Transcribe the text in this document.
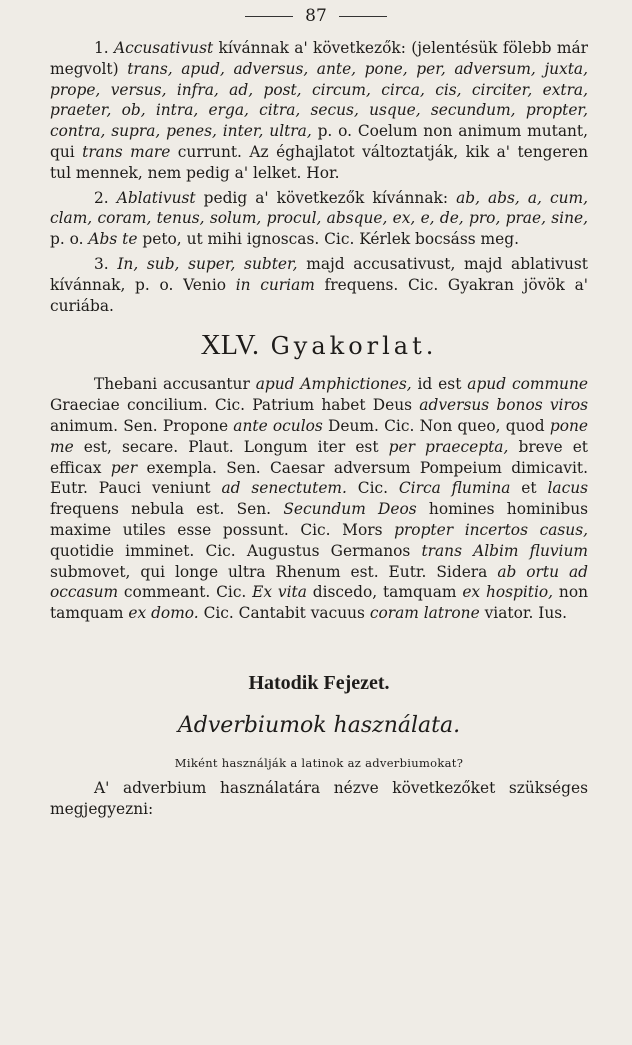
87

1. Accusativust kívánnak a' következők: (jelentésük fölebb már megvolt) trans, apud, adversus, ante, pone, per, adversum, juxta, prope, versus, infra, ad, post, circum, circa, cis, circiter, extra, praeter, ob, intra, erga, citra, secus, usque, secundum, propter, contra, supra, penes, inter, ultra, p. o. Coelum non animum mutant, qui trans mare currunt. Az éghajlatot változtatják, kik a' tengeren tul mennek, nem pedig a' lelket. Hor.

2. Ablativust pedig a' következők kívánnak: ab, abs, a, cum, clam, coram, tenus, solum, procul, absque, ex, e, de, pro, prae, sine, p. o. Abs te peto, ut mihi ignoscas. Cic. Kérlek bocsáss meg.

3. In, sub, super, subter, majd accusativust, majd ablativust kívánnak, p. o. Venio in curiam frequens. Cic. Gyakran jövök a' curiába.

XLV. Gyakorlat.

Thebani accusantur apud Amphictiones, id est apud commune Graeciae concilium. Cic. Patrium habet Deus adversus bonos viros animum. Sen. Propone ante oculos Deum. Cic. Non queo, quod pone me est, secare. Plaut. Longum iter est per praecepta, breve et efficax per exempla. Sen. Caesar adversum Pompeium dimicavit. Eutr. Pauci veniunt ad senectutem. Cic. Circa flumina et lacus frequens nebula est. Sen. Secundum Deos homines hominibus maxime utiles esse possunt. Cic. Mors propter incertos casus, quotidie imminet. Cic. Augustus Germanos trans Albim fluvium submovet, qui longe ultra Rhenum est. Eutr. Sidera ab ortu ad occasum commeant. Cic. Ex vita discedo, tamquam ex hospitio, non tamquam ex domo. Cic. Cantabit vacuus coram latrone viator. Ius.

Hatodik Fejezet.
Adverbiumok használata.
Miként használják a latinok az adverbiumokat?

A' adverbium használatára nézve következőket szükséges megjegyezni:
